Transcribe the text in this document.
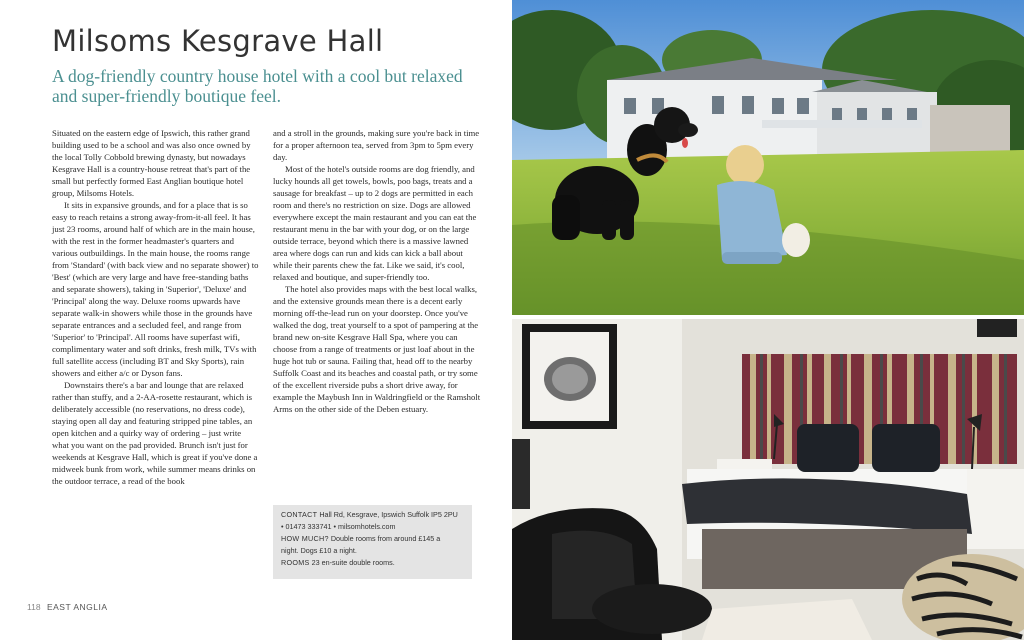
Milsoms Kesgrave Hall

A dog-friendly country house hotel with a cool but relaxed and super-friendly boutique feel.

Situated on the eastern edge of Ipswich, this rather grand building used to be a school and was also once owned by the local Tolly Cobbold brewing dynasty, but nowadays Kesgrave Hall is a country-house retreat that's part of the small but perfectly formed East Anglian boutique hotel group, Milsoms Hotels.

It sits in expansive grounds, and for a place that is so easy to reach retains a strong away-from-it-all feel. It has just 23 rooms, around half of which are in the main house, with the rest in the former headmaster's quarters and various outbuildings. In the main house, the rooms range from 'Standard' (with back view and no separate shower) to 'Best' (which are very large and have free-standing baths and separate showers), taking in 'Superior', 'Deluxe' and 'Principal' along the way. Deluxe rooms upwards have separate walk-in showers while those in the grounds have separate entrances and a secluded feel, and range from 'Superior' to 'Principal'. All rooms have superfast wifi, complimentary water and soft drinks, fresh milk, TVs with full satellite access (including BT and Sky Sports), rain showers and either a/c or Dyson fans.

Downstairs there's a bar and lounge that are relaxed rather than stuffy, and a 2-AA-rosette restaurant, which is deliberately accessible (no reservations, no dress code), staying open all day and featuring stripped pine tables, an open kitchen and a quirky way of ordering – just write what you want on the pad provided. Brunch isn't just for weekends at Kesgrave Hall, which is great if you've done a midweek bunk from work, while summer means drinks on the outdoor terrace, a read of the book

and a stroll in the grounds, making sure you're back in time for a proper afternoon tea, served from 3pm to 5pm every day.

Most of the hotel's outside rooms are dog friendly, and lucky hounds all get towels, bowls, poo bags, treats and a sausage for breakfast – up to 2 dogs are permitted in each room and there's no restriction on size. Dogs are allowed everywhere except the main restaurant and you can eat the restaurant menu in the bar with your dog, or on the large outside terrace, beyond which there is a massive lawned area where dogs can run and kids can kick a ball about while their parents chew the fat. Like we said, it's cool, relaxed and boutique, and super-friendly too.

The hotel also provides maps with the best local walks, and the extensive grounds mean there is a decent early morning off-the-lead run on your doorstep. Once you've walked the dog, treat yourself to a spot of pampering at the brand new on-site Kesgrave Hall Spa, where you can choose from a range of treatments or just loaf about in the huge hot tub or sauna. Failing that, head off to the nearby Suffolk Coast and its beaches and coastal path, or try some of the excellent riverside pubs a short drive away, for example the Maybush Inn in Waldringfield or the Ramsholt Arms on the other side of the Deben estuary.

CONTACT Hall Rd, Kesgrave, Ipswich Suffolk IP5 2PU
• 01473 333741 • milsomhotels.com
HOW MUCH? Double rooms from around £145 a
night. Dogs £10 a night.
ROOMS 23 en-suite double rooms.
118 EAST ANGLIA
